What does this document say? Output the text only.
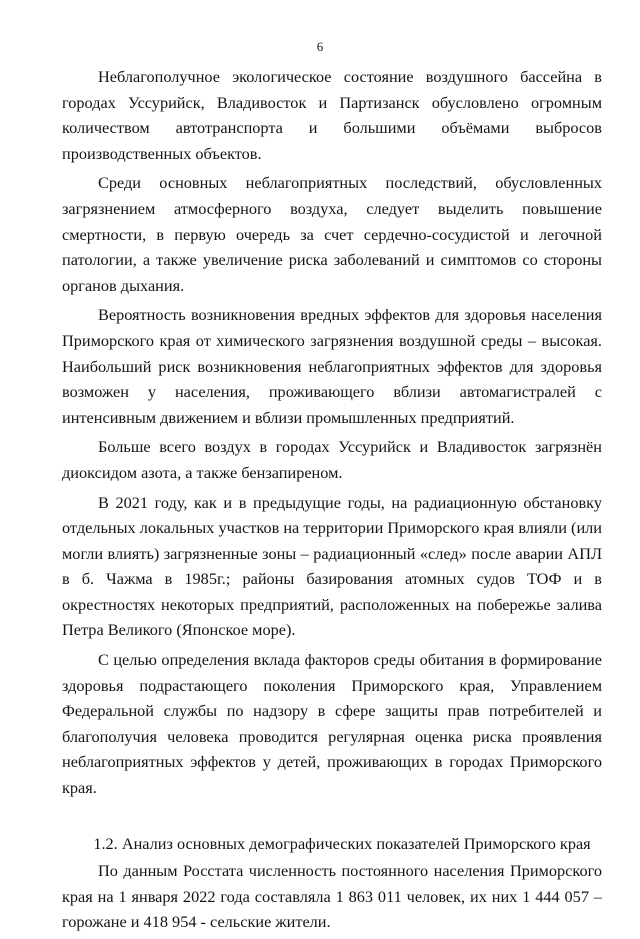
6

Неблагополучное экологическое состояние воздушного бассейна в городах Уссурийск, Владивосток и Партизанск обусловлено огромным количеством автотранспорта и большими объёмами выбросов производственных объектов.

Среди основных неблагоприятных последствий, обусловленных загрязнением атмосферного воздуха, следует выделить повышение смертности, в первую очередь за счет сердечно-сосудистой и легочной патологии, а также увеличение риска заболеваний и симптомов со стороны органов дыхания.

Вероятность возникновения вредных эффектов для здоровья населения Приморского края от химического загрязнения воздушной среды – высокая. Наибольший риск возникновения неблагоприятных эффектов для здоровья возможен у населения, проживающего вблизи автомагистралей с интенсивным движением и вблизи промышленных предприятий.

Больше всего воздух в городах Уссурийск и Владивосток загрязнён диоксидом азота, а также бензапиреном.

В 2021 году, как и в предыдущие годы, на радиационную обстановку отдельных локальных участков на территории Приморского края влияли (или могли влиять) загрязненные зоны – радиационный «след» после аварии АПЛ в б. Чажма в 1985г.; районы базирования атомных судов ТОФ и в окрестностях некоторых предприятий, расположенных на побережье залива Петра Великого (Японское море).

С целью определения вклада факторов среды обитания в формирование здоровья подрастающего поколения Приморского края, Управлением Федеральной службы по надзору в сфере защиты прав потребителей и благополучия человека проводится регулярная оценка риска проявления неблагоприятных эффектов у детей, проживающих в городах Приморского края.

1.2. Анализ основных демографических показателей Приморского края

По данным Росстата численность постоянного населения Приморского края на 1 января 2022 года составляла 1 863 011 человек, их них 1 444 057 – горожане и 418 954 - сельские жители.
